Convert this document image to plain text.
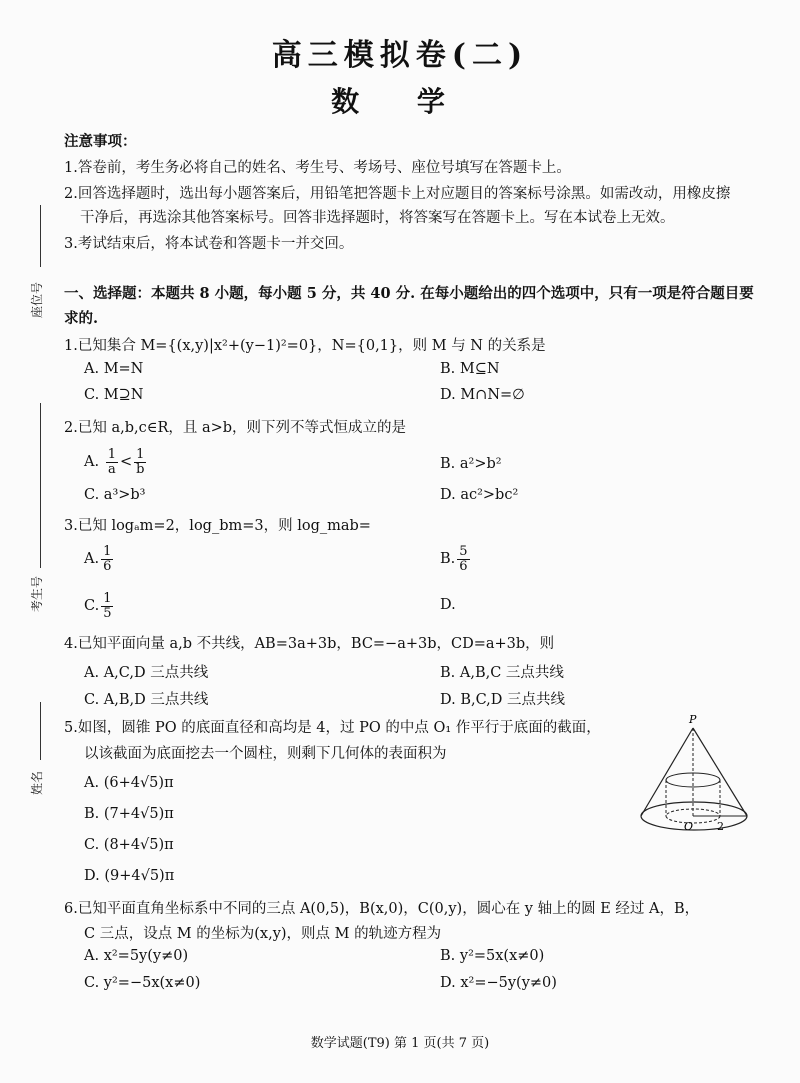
高三模拟卷(二)
数 学
注意事项：
1.答卷前，考生务必将自己的姓名、考生号、考场号、座位号填写在答题卡上。
2.回答选择题时，选出每小题答案后，用铅笔把答题卡上对应题目的答案标号涂黑。如需改动，用橡皮擦
干净后，再选涂其他答案标号。回答非选择题时，将答案写在答题卡上。写在本试卷上无效。
3.考试结束后，将本试卷和答题卡一并交回。
座位号
考生号
姓名
一、选择题：本题共 8 小题，每小题 5 分，共 40 分. 在每小题给出的四个选项中，只有一项是符合题目要
求的.
1.已知集合 M={(x,y)|x²+(y−1)²=0}，N={0,1}，则 M 与 N 的关系是
A. M=N	B. M⊆N
C. M⊇N	D. M∩N=∅
2.已知 a,b,c∈R，且 a>b，则下列不等式恒成立的是
A. $\frac{1}{a} < \frac{1}{b}$	B. a²>b²
C. a³>b³	D. ac²>bc²
3.已知 logₐm=2，log_bm=3，则 log_mab=
A. $\frac{1}{6}$	B. $\frac{5}{6}$
C. $\frac{1}{5}$	D.
4.已知平面向量 a,b 不共线，AB=3a+3b，BC=−a+3b，CD=a+3b，则
A. A,C,D 三点共线	B. A,B,C 三点共线
C. A,B,D 三点共线	D. B,C,D 三点共线
5.如图，圆锥 PO 的底面直径和高均是 4，过 PO 的中点 O₁ 作平行于底面的截面，
以该截面为底面挖去一个圆柱，则剩下几何体的表面积为
A. (6+4√5)π
B. (7+4√5)π
C. (8+4√5)π
D. (9+4√5)π
P
O 2
6.已知平面直角坐标系中不同的三点 A(0,5)，B(x,0)，C(0,y)，圆心在 y 轴上的圆 E 经过 A，B，
C 三点，设点 M 的坐标为(x,y)，则点 M 的轨迹方程为
A. x²=5y(y≠0)	B. y²=5x(x≠0)
C. y²=−5x(x≠0)	D. x²=−5y(y≠0)
数学试题(T9) 第 1 页(共 7 页)
